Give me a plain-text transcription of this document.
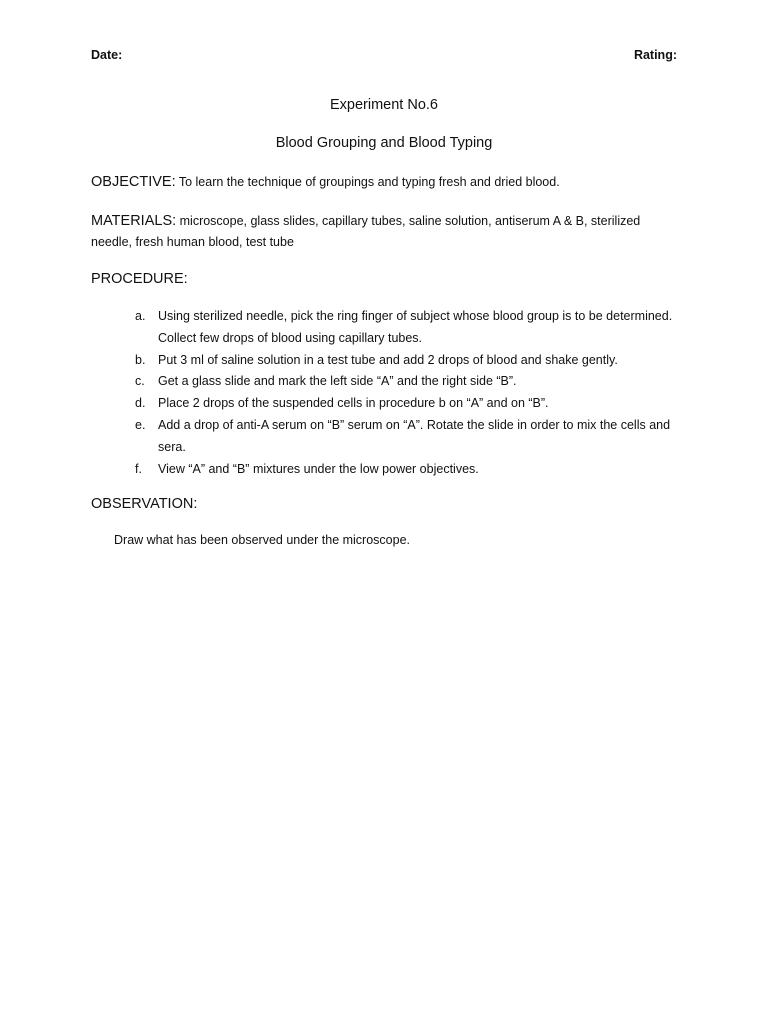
Date:	Rating:
Experiment No.6
Blood Grouping and Blood Typing
OBJECTIVE: To learn the technique of groupings and typing fresh and dried blood.
MATERIALS: microscope, glass slides, capillary tubes, saline solution, antiserum A & B, sterilized needle, fresh human blood, test tube
PROCEDURE:
a.	Using sterilized needle, pick the ring finger of subject whose blood group is to be determined. Collect few drops of blood using capillary tubes.
b.	Put 3 ml of saline solution in a test tube and add 2 drops of blood and shake gently.
c.	Get a glass slide and mark the left side “A” and the right side “B”.
d.	Place 2 drops of the suspended cells in procedure b on “A” and on “B”.
e.	Add a drop of anti-A serum on “B” serum on “A”. Rotate the slide in order to mix the cells and sera.
f.	View “A” and “B” mixtures under the low power objectives.
OBSERVATION:
Draw what has been observed under the microscope.
